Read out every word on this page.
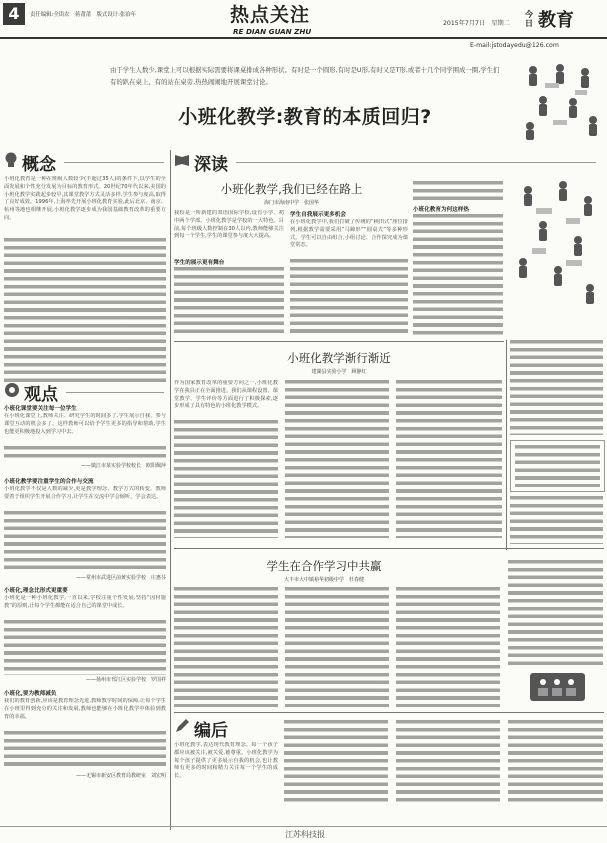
4	责任编辑:全街农　蒋莆莆　版式设计:张治年	热点关注
RE DIAN GUAN ZHU
2015年7月7日　星期二
今日 教育
E-mail:jstodayedu@126.com
由于学生人数少,课堂上可以根据实际需要将课桌排成各种形状。有时是一个圆形,有时是U形,有时又是T形,或者十几个同学围成一圈,学生们有的趴在桌上、有的站在桌旁,热热闹闹地开展课堂讨论。
小班化教学:教育的本质回归?
概念
小班化教育是一种在班级人数较少(不超过35人)的条件下,以学生的全面发展和个性充分发展为目标的教育形式。20世纪70年代以来,美国的小班化教学实践起步较早,其课堂教学方式灵活多样,学生参与度高,取得了良好成效。1996年,上海率先开展小班化教育实验,此后北京、南京、杭州等地也相继开展,小班化教学逐步成为我国基础教育改革的重要方向。
观点
小班化课堂要关注每一位学生
在小班化课堂上,教师关注、研究学生的时间多了,学生展示自我、参与课堂互动的机会多了。这样教师可以给予学生更多的指导和帮助,学生也能更积极地投入到学习中去。
——镇江市某实验学校校长　欧阳佩萍
小班化教学要注重学生的合作与交流
小班化教学不仅是人数的减少,更是教学理念、教学方式的转变。教师要善于组织学生开展合作学习,让学生在交流中学会倾听、学会表达。
——常州市武进区前黄实验学校　庄惠芬
小班化,理念比形式更重要
小班化是一种小班化教学,一直以来,学校注重个性发展,坚持“因材施教”的原则,让每个学生都能在适合自己的课堂中成长。
——扬州市邗江区实验学校　罗国祥
小班化,要为教师减负
我们的教育创新,应该是教育理念先进,教师教学时间的保障,让每个学生在小班里得到充分的关注和发展,教师也能够在小班化教学中体验到教育的幸福。
——无锡市新安区教育局教研室　刘宏明
深读
小班化教学,我们已经在路上
海门市海南中学　张国华
我校是一所新建的双语国际学校,设有小学、初中两个学部。小班化教学是学校的一大特色。目前,每个班级人数控制在30人以内,教师能够关注到每一个学生,学生的课堂参与度大大提高。
学生的展示更有舞台
学生自我展示更多机会
在小班化教学中,我们打破了传统的“秧田式”座位排列,根据教学需要采用“马蹄形”“圆桌式”等多种形式。学生可以自由组合,小组讨论、合作探究成为课堂常态。
小班化教育为何这样热
小班化教学渐行渐近
建湖县实验小学　顾静红
作为国家教育改革的重要方向之一,小班化教学在我县正在全面推进。我们从课程设置、课堂教学、学生评价等方面进行了积极探索,逐步形成了具有特色的小班化教学模式。
学生在合作学习中共赢
大丰市大中镇裕华初级中学　杜春健
编后
小班化教学,表达现代教育理念。每一个孩子都应该被关注,被关爱,被尊重。小班化教学为每个孩子提供了更多展示自我的机会,也让教师有更多的时间和精力关注每一个学生的成长。
江苏科技报
